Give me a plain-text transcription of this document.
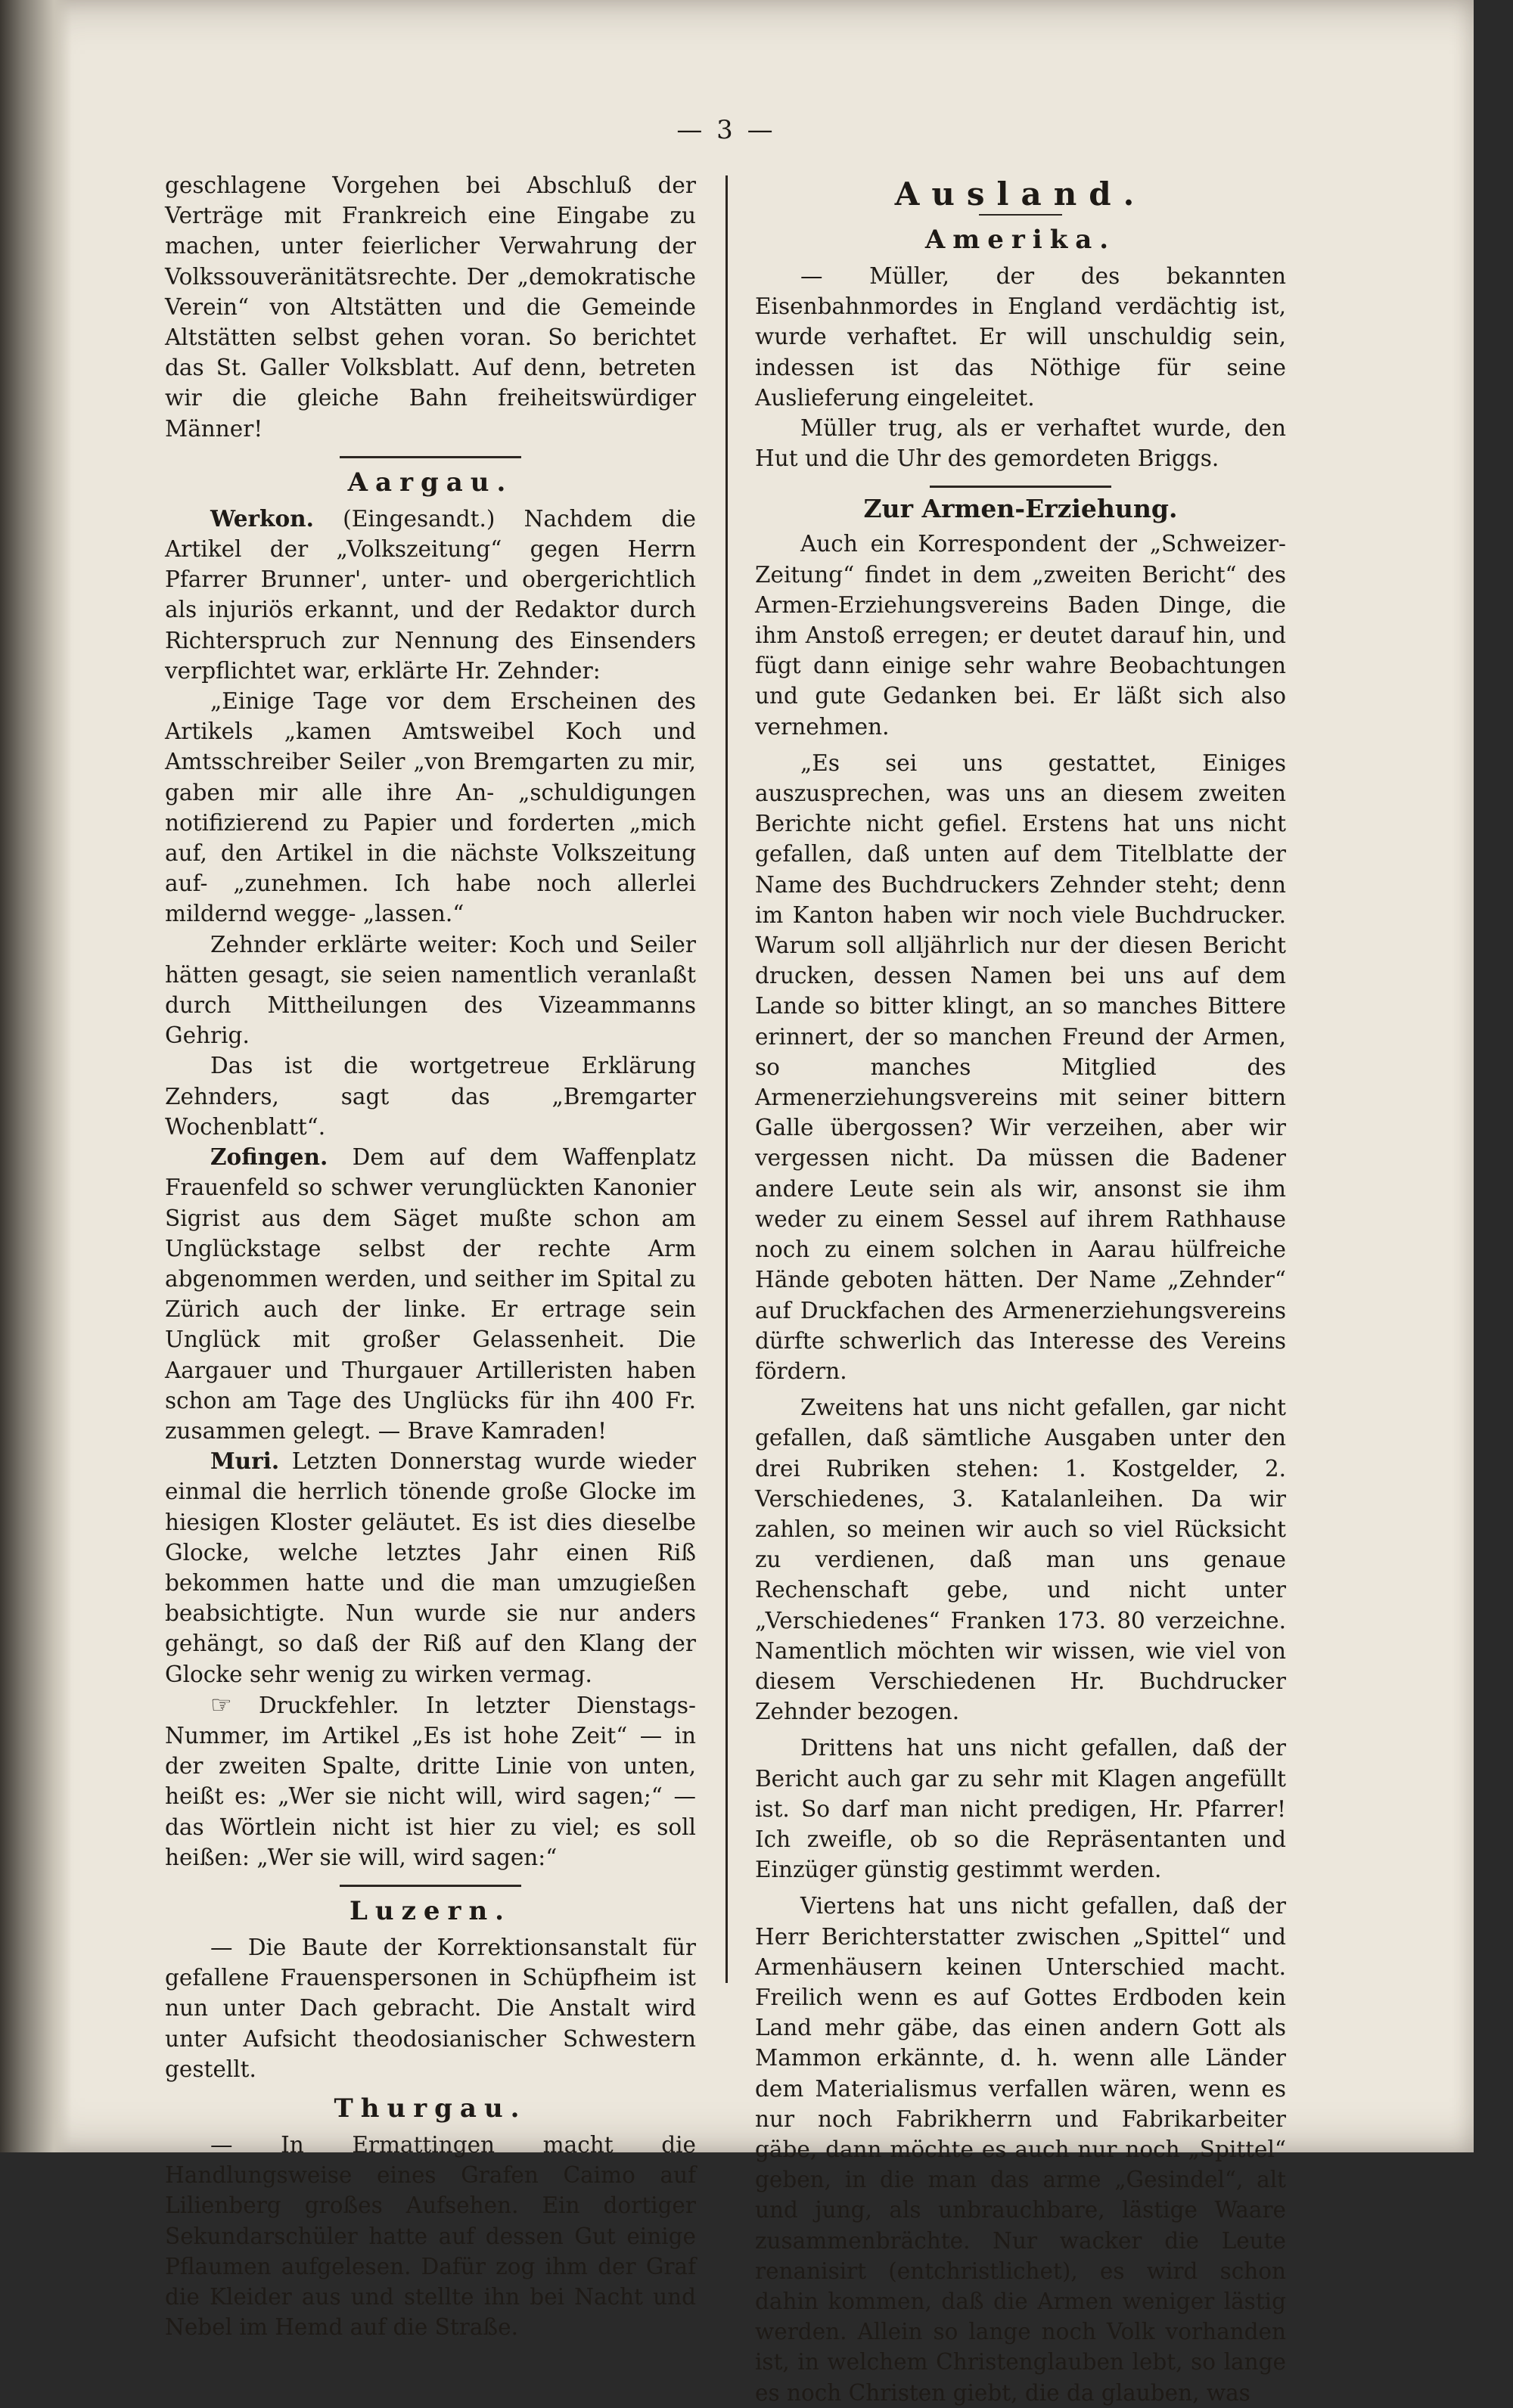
— 3 —

geschlagene Vorgehen bei Abschluß der Verträge mit Frankreich eine Eingabe zu machen, unter feierlicher Verwahrung der Volkssouveränitätsrechte. Der „demokratische Verein“ von Altstätten und die Gemeinde Altstätten selbst gehen voran. So berichtet das St. Galler Volksblatt. Auf denn, betreten wir die gleiche Bahn freiheitswürdiger Männer!

Aargau.

Werkon. (Eingesandt.) Nachdem die Artikel der „Volkszeitung“ gegen Herrn Pfarrer Brunner', unter- und obergerichtlich als injuriös erkannt, und der Redaktor durch Richterspruch zur Nennung des Einsenders verpflichtet war, erklärte Hr. Zehnder:

„Einige Tage vor dem Erscheinen des Artikels „kamen Amtsweibel Koch und Amtsschreiber Seiler „von Bremgarten zu mir, gaben mir alle ihre An- „schuldigungen notifizierend zu Papier und forderten „mich auf, den Artikel in die nächste Volkszeitung auf- „zunehmen. Ich habe noch allerlei mildernd wegge- „lassen.“

Zehnder erklärte weiter: Koch und Seiler hätten gesagt, sie seien namentlich veranlaßt durch Mittheilungen des Vizeammanns Gehrig.

Das ist die wortgetreue Erklärung Zehnders, sagt das „Bremgarter Wochenblatt“.

Zofingen. Dem auf dem Waffenplatz Frauenfeld so schwer verunglückten Kanonier Sigrist aus dem Säget mußte schon am Unglückstage selbst der rechte Arm abgenommen werden, und seither im Spital zu Zürich auch der linke. Er ertrage sein Unglück mit großer Gelassenheit. Die Aargauer und Thurgauer Artilleristen haben schon am Tage des Unglücks für ihn 400 Fr. zusammen gelegt. — Brave Kamraden!

Muri. Letzten Donnerstag wurde wieder einmal die herrlich tönende große Glocke im hiesigen Kloster geläutet. Es ist dies dieselbe Glocke, welche letztes Jahr einen Riß bekommen hatte und die man umzugießen beabsichtigte. Nun wurde sie nur anders gehängt, so daß der Riß auf den Klang der Glocke sehr wenig zu wirken vermag.

☞ Druckfehler. In letzter Dienstags-Nummer, im Artikel „Es ist hohe Zeit“ — in der zweiten Spalte, dritte Linie von unten, heißt es: „Wer sie nicht will, wird sagen;“ — das Wörtlein nicht ist hier zu viel; es soll heißen: „Wer sie will, wird sagen:“

Luzern.

— Die Baute der Korrektionsanstalt für gefallene Frauenspersonen in Schüpfheim ist nun unter Dach gebracht. Die Anstalt wird unter Aufsicht theodosianischer Schwestern gestellt.

Thurgau.

— In Ermattingen macht die Handlungsweise eines Grafen Caimo auf Lilienberg großes Aufsehen. Ein dortiger Sekundarschüler hatte auf dessen Gut einige Pflaumen aufgelesen. Dafür zog ihm der Graf die Kleider aus und stellte ihn bei Nacht und Nebel im Hemd auf die Straße.

Ausland.
Amerika.

— Müller, der des bekannten Eisenbahnmordes in England verdächtig ist, wurde verhaftet. Er will unschuldig sein, indessen ist das Nöthige für seine Auslieferung eingeleitet.

Müller trug, als er verhaftet wurde, den Hut und die Uhr des gemordeten Briggs.

Zur Armen-Erziehung.

Auch ein Korrespondent der „Schweizer-Zeitung“ findet in dem „zweiten Bericht“ des Armen-Erziehungsvereins Baden Dinge, die ihm Anstoß erregen; er deutet darauf hin, und fügt dann einige sehr wahre Beobachtungen und gute Gedanken bei. Er läßt sich also vernehmen.

„Es sei uns gestattet, Einiges auszusprechen, was uns an diesem zweiten Berichte nicht gefiel. Erstens hat uns nicht gefallen, daß unten auf dem Titelblatte der Name des Buchdruckers Zehnder steht; denn im Kanton haben wir noch viele Buchdrucker. Warum soll alljährlich nur der diesen Bericht drucken, dessen Namen bei uns auf dem Lande so bitter klingt, an so manches Bittere erinnert, der so manchen Freund der Armen, so manches Mitglied des Armenerziehungsvereins mit seiner bittern Galle übergossen? Wir verzeihen, aber wir vergessen nicht. Da müssen die Badener andere Leute sein als wir, ansonst sie ihm weder zu einem Sessel auf ihrem Rathhause noch zu einem solchen in Aarau hülfreiche Hände geboten hätten. Der Name „Zehnder“ auf Druckfachen des Armenerziehungsvereins dürfte schwerlich das Interesse des Vereins fördern.

Zweitens hat uns nicht gefallen, gar nicht gefallen, daß sämtliche Ausgaben unter den drei Rubriken stehen: 1. Kostgelder, 2. Verschiedenes, 3. Katalanleihen. Da wir zahlen, so meinen wir auch so viel Rücksicht zu verdienen, daß man uns genaue Rechenschaft gebe, und nicht unter „Verschiedenes“ Franken 173. 80 verzeichne. Namentlich möchten wir wissen, wie viel von diesem Verschiedenen Hr. Buchdrucker Zehnder bezogen.

Drittens hat uns nicht gefallen, daß der Bericht auch gar zu sehr mit Klagen angefüllt ist. So darf man nicht predigen, Hr. Pfarrer! Ich zweifle, ob so die Repräsentanten und Einzüger günstig gestimmt werden.

Viertens hat uns nicht gefallen, daß der Herr Berichterstatter zwischen „Spittel“ und Armenhäusern keinen Unterschied macht. Freilich wenn es auf Gottes Erdboden kein Land mehr gäbe, das einen andern Gott als Mammon erkännte, d. h. wenn alle Länder dem Materialismus verfallen wären, wenn es nur noch Fabrikherrn und Fabrikarbeiter gäbe, dann möchte es auch nur noch „Spittel“ geben, in die man das arme „Gesindel“, alt und jung, als unbrauchbare, lästige Waare zusammenbrächte. Nur wacker die Leute renanisirt (entchristlichet), es wird schon dahin kommen, daß die Armen weniger lästig werden. Allein so lange noch Volk vorhanden ist, in welchem Christenglauben lebt, so lange es noch Christen giebt, die da glauben, was
